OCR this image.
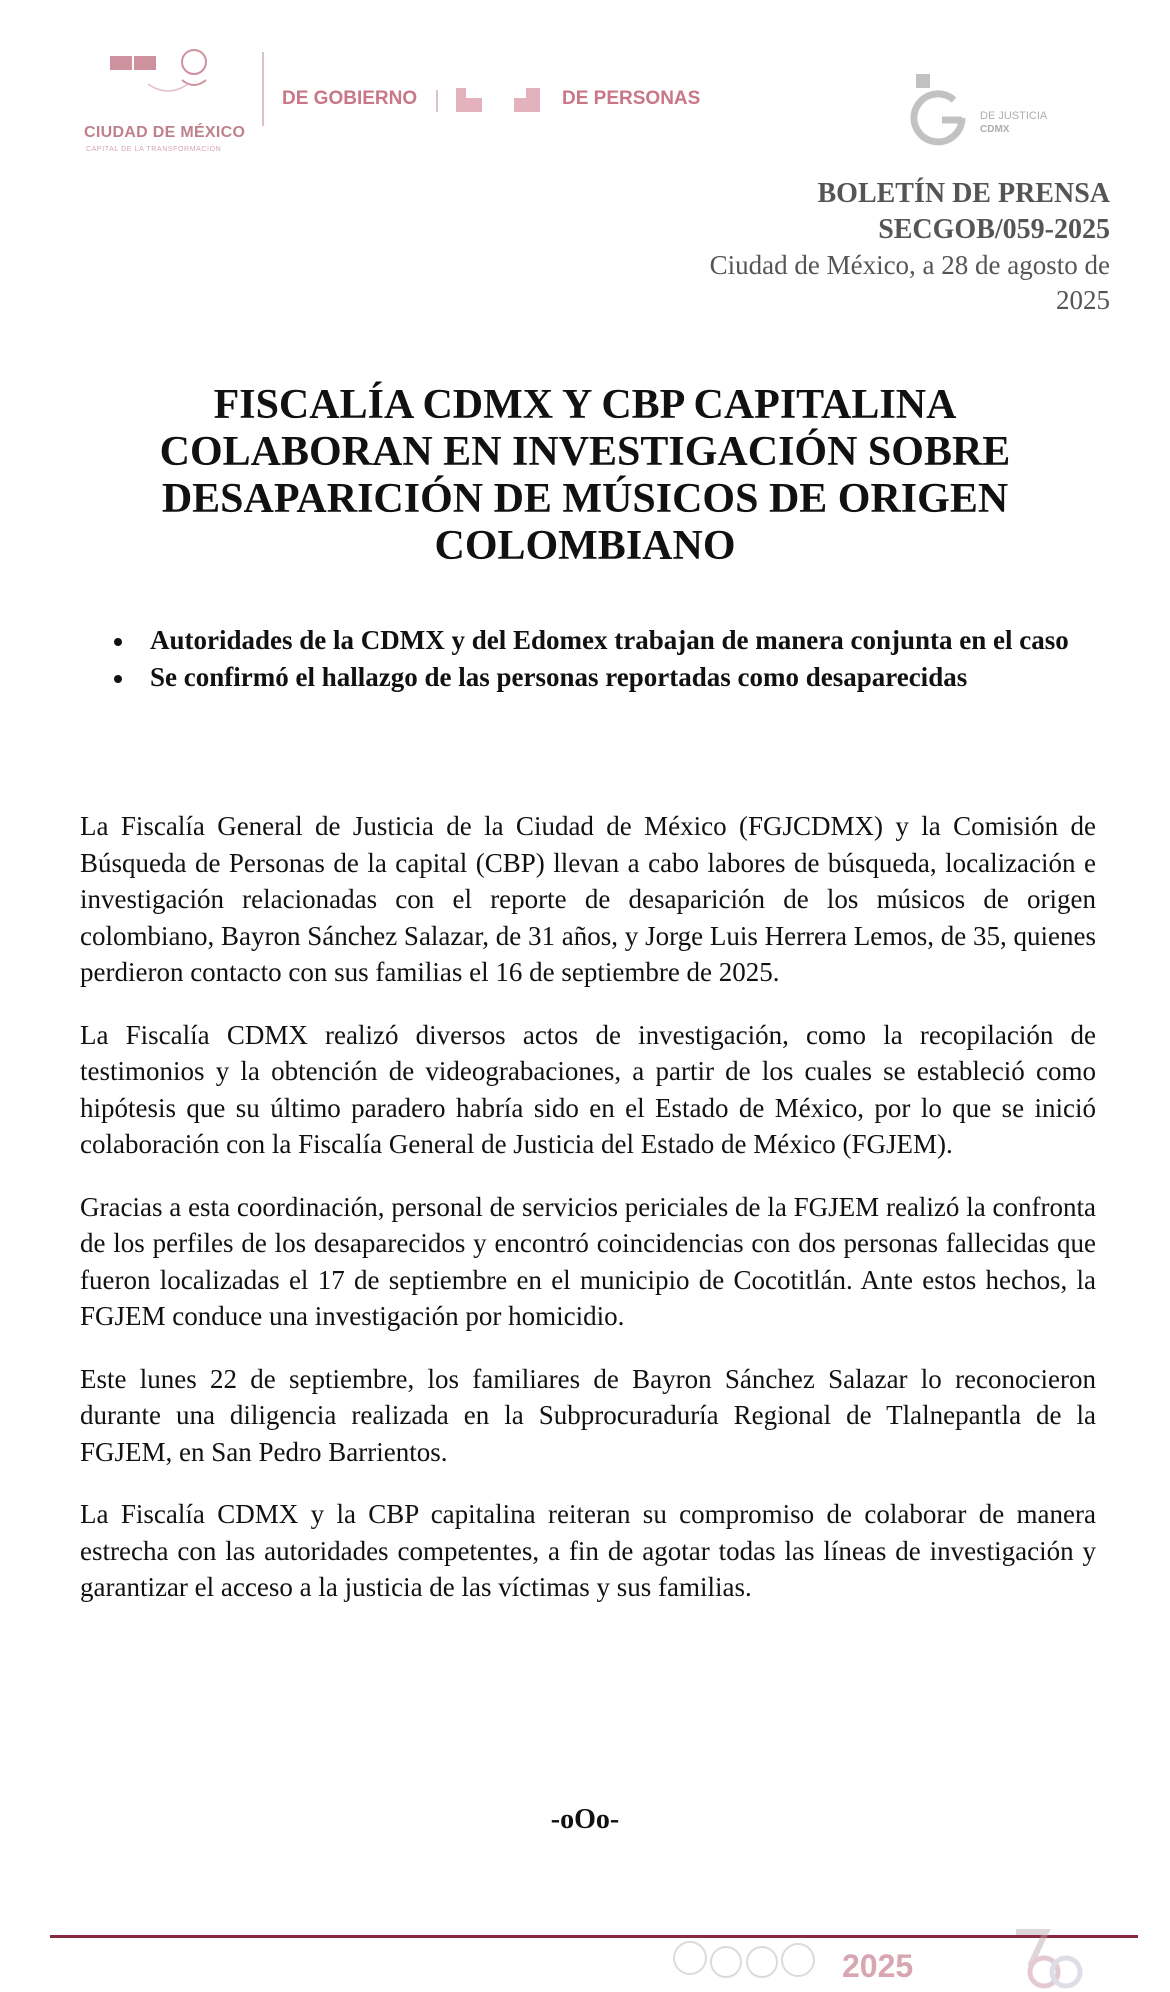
CIUDAD DE MÉXICO
CAPITAL DE LA TRANSFORMACIÓN
DE GOBIERNO	DE PERSONAS
DE JUSTICIA
CDMX
BOLETÍN DE PRENSA
SECGOB/059-2025
Ciudad de México, a 28 de agosto de
2025
FISCALÍA CDMX Y CBP CAPITALINA COLABORAN EN INVESTIGACIÓN SOBRE DESAPARICIÓN DE MÚSICOS DE ORIGEN COLOMBIANO
Autoridades de la CDMX y del Edomex trabajan de manera conjunta en el caso
Se confirmó el hallazgo de las personas reportadas como desaparecidas

La Fiscalía General de Justicia de la Ciudad de México (FGJCDMX) y la Comisión de Búsqueda de Personas de la capital (CBP) llevan a cabo labores de búsqueda, localización e investigación relacionadas con el reporte de desaparición de los músicos de origen colombiano, Bayron Sánchez Salazar, de 31 años, y Jorge Luis Herrera Lemos, de 35, quienes perdieron contacto con sus familias el 16 de septiembre de 2025.

La Fiscalía CDMX realizó diversos actos de investigación, como la recopilación de testimonios y la obtención de videograbaciones, a partir de los cuales se estableció como hipótesis que su último paradero habría sido en el Estado de México, por lo que se inició colaboración con la Fiscalía General de Justicia del Estado de México (FGJEM).

Gracias a esta coordinación, personal de servicios periciales de la FGJEM realizó la confronta de los perfiles de los desaparecidos y encontró coincidencias con dos personas fallecidas que fueron localizadas el 17 de septiembre en el municipio de Cocotitlán. Ante estos hechos, la FGJEM conduce una investigación por homicidio.

Este lunes 22 de septiembre, los familiares de Bayron Sánchez Salazar lo reconocieron durante una diligencia realizada en la Subprocuraduría Regional de Tlalnepantla de la FGJEM, en San Pedro Barrientos.

La Fiscalía CDMX y la CBP capitalina reiteran su compromiso de colaborar de manera estrecha con las autoridades competentes, a fin de agotar todas las líneas de investigación y garantizar el acceso a la justicia de las víctimas y sus familias.

-oOo-
2025
